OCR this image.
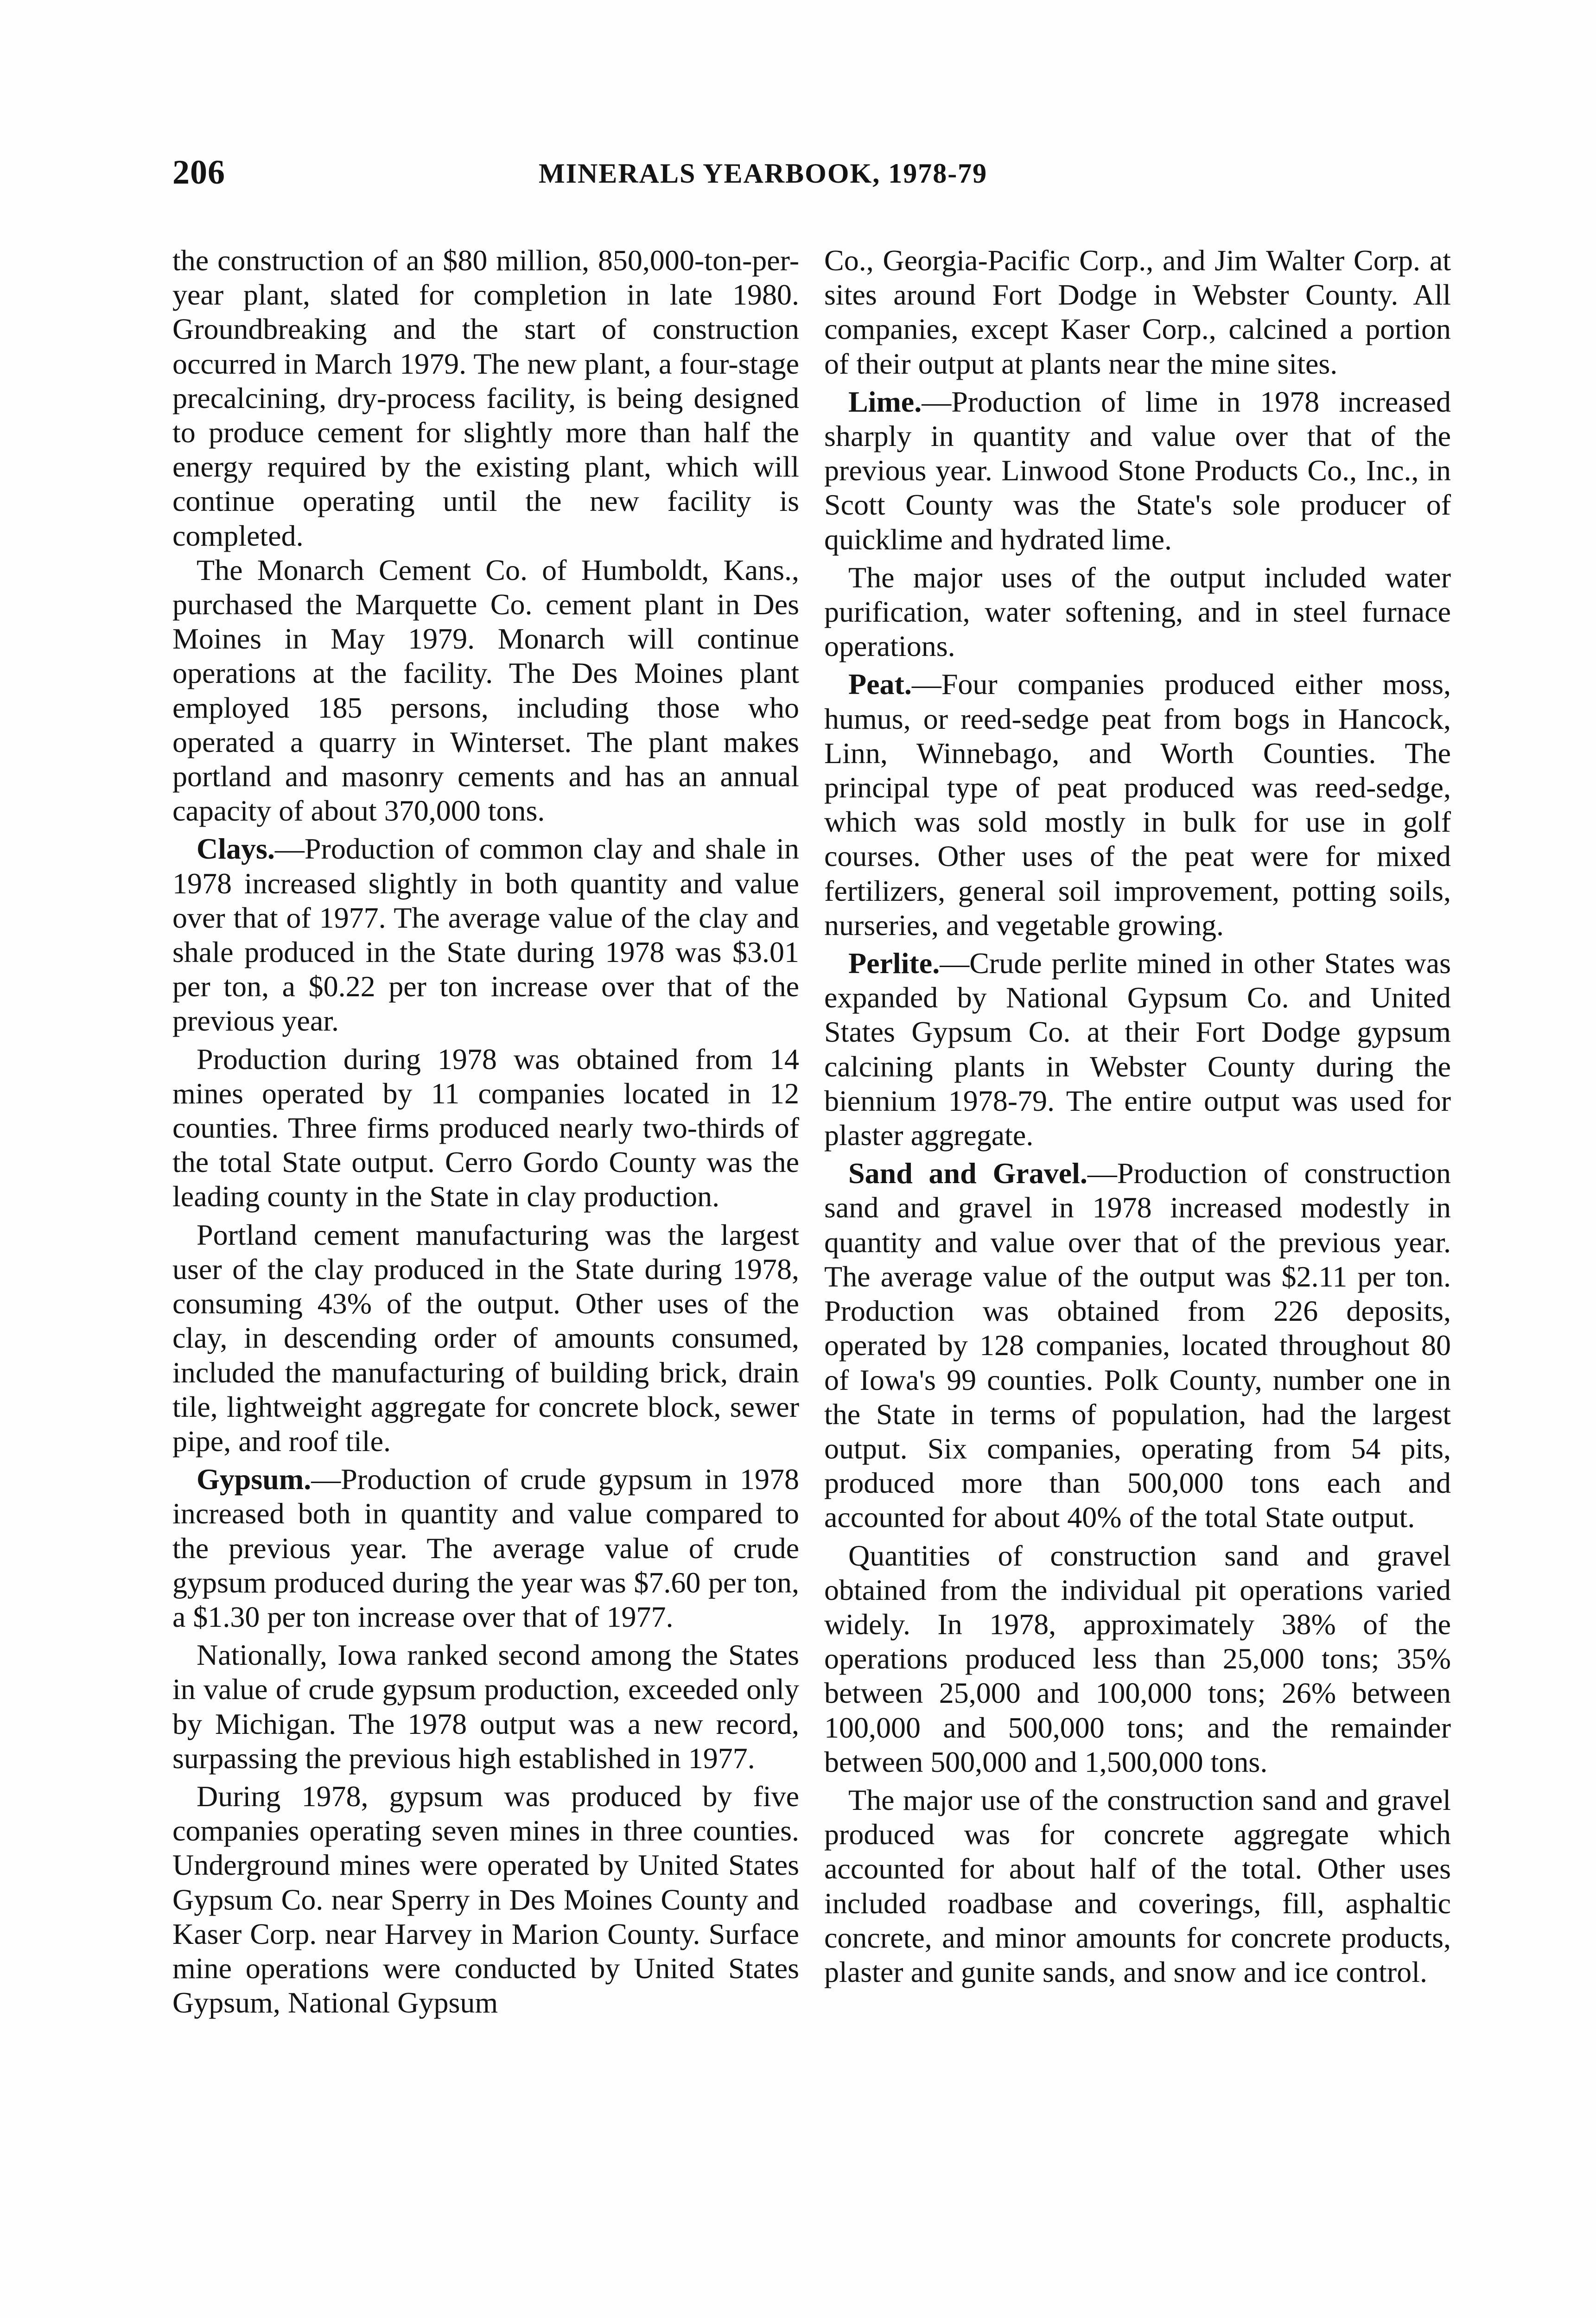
206	MINERALS YEARBOOK, 1978-79

the construction of an $80 million, 850,000-ton-per-year plant, slated for completion in late 1980. Groundbreaking and the start of construction occurred in March 1979. The new plant, a four-stage precalcining, dry-process facility, is being designed to produce cement for slightly more than half the energy required by the existing plant, which will continue operating until the new facility is completed.

The Monarch Cement Co. of Humboldt, Kans., purchased the Marquette Co. cement plant in Des Moines in May 1979. Monarch will continue operations at the facility. The Des Moines plant employed 185 persons, including those who operated a quarry in Winterset. The plant makes portland and masonry cements and has an annual capacity of about 370,000 tons.

Clays.—Production of common clay and shale in 1978 increased slightly in both quantity and value over that of 1977. The average value of the clay and shale produced in the State during 1978 was $3.01 per ton, a $0.22 per ton increase over that of the previous year.

Production during 1978 was obtained from 14 mines operated by 11 companies located in 12 counties. Three firms produced nearly two-thirds of the total State output. Cerro Gordo County was the leading county in the State in clay production.

Portland cement manufacturing was the largest user of the clay produced in the State during 1978, consuming 43% of the output. Other uses of the clay, in descending order of amounts consumed, included the manufacturing of building brick, drain tile, lightweight aggregate for concrete block, sewer pipe, and roof tile.

Gypsum.—Production of crude gypsum in 1978 increased both in quantity and value compared to the previous year. The average value of crude gypsum produced during the year was $7.60 per ton, a $1.30 per ton increase over that of 1977.

Nationally, Iowa ranked second among the States in value of crude gypsum production, exceeded only by Michigan. The 1978 output was a new record, surpassing the previous high established in 1977.

During 1978, gypsum was produced by five companies operating seven mines in three counties. Underground mines were operated by United States Gypsum Co. near Sperry in Des Moines County and Kaser Corp. near Harvey in Marion County. Surface mine operations were conducted by United States Gypsum, National Gypsum

Co., Georgia-Pacific Corp., and Jim Walter Corp. at sites around Fort Dodge in Webster County. All companies, except Kaser Corp., calcined a portion of their output at plants near the mine sites.

Lime.—Production of lime in 1978 increased sharply in quantity and value over that of the previous year. Linwood Stone Products Co., Inc., in Scott County was the State's sole producer of quicklime and hydrated lime.

The major uses of the output included water purification, water softening, and in steel furnace operations.

Peat.—Four companies produced either moss, humus, or reed-sedge peat from bogs in Hancock, Linn, Winnebago, and Worth Counties. The principal type of peat produced was reed-sedge, which was sold mostly in bulk for use in golf courses. Other uses of the peat were for mixed fertilizers, general soil improvement, potting soils, nurseries, and vegetable growing.

Perlite.—Crude perlite mined in other States was expanded by National Gypsum Co. and United States Gypsum Co. at their Fort Dodge gypsum calcining plants in Webster County during the biennium 1978-79. The entire output was used for plaster aggregate.

Sand and Gravel.—Production of construction sand and gravel in 1978 increased modestly in quantity and value over that of the previous year. The average value of the output was $2.11 per ton. Production was obtained from 226 deposits, operated by 128 companies, located throughout 80 of Iowa's 99 counties. Polk County, number one in the State in terms of population, had the largest output. Six companies, operating from 54 pits, produced more than 500,000 tons each and accounted for about 40% of the total State output.

Quantities of construction sand and gravel obtained from the individual pit operations varied widely. In 1978, approximately 38% of the operations produced less than 25,000 tons; 35% between 25,000 and 100,000 tons; 26% between 100,000 and 500,000 tons; and the remainder between 500,000 and 1,500,000 tons.

The major use of the construction sand and gravel produced was for concrete aggregate which accounted for about half of the total. Other uses included roadbase and coverings, fill, asphaltic concrete, and minor amounts for concrete products, plaster and gunite sands, and snow and ice control.
